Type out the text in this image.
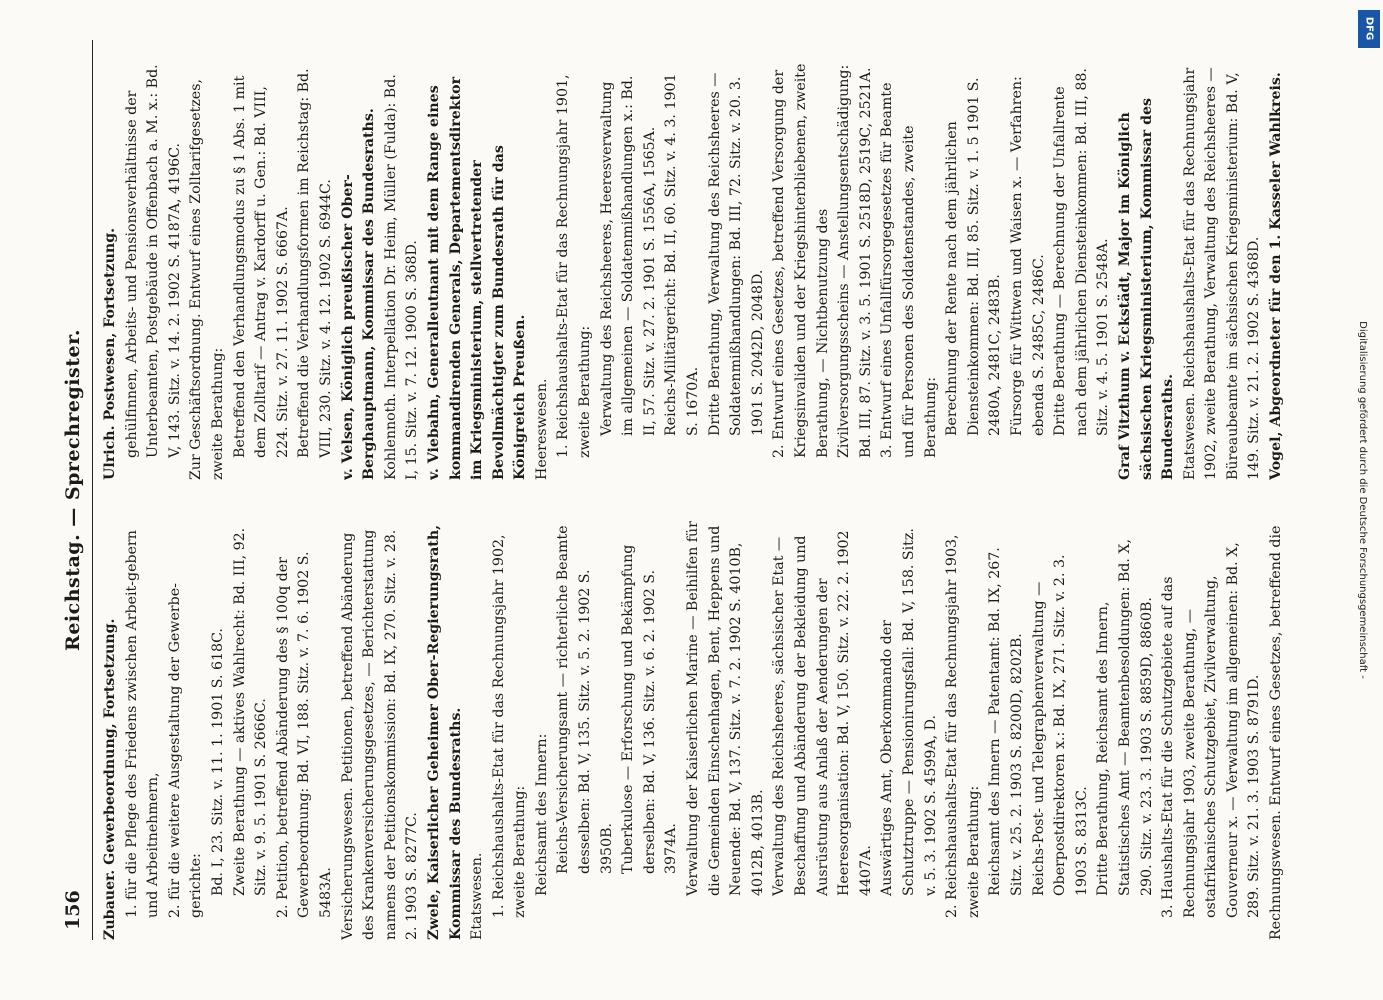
156
Reichstag. — Sprechregister.

Zubauer. Gewerbeordnung, Fortsetzung. 1. für die Pflege des Friedens zwischen Arbeit-gebern und Arbeitnehmern, 2. für die weitere Ausgestaltung der Gewerbe-gerichte: Bd. I, 23. Sitz. v. 11. 1. 1901 S. 618C. Zweite Berathung — aktives Wahlrecht: Bd. III, 92. Sitz. v. 9. 5. 1901 S. 2666C. 2. Petition, betreffend Abänderung des § 100q der Gewerbeordnung: Bd. VI, 188. Sitz. v. 7. 6. 1902 S. 5483A. Versicherungswesen. Petitionen, betreffend Abänderung des Krankenversicherungsgesetzes, — Berichterstattung namens der Petitionskommission: Bd. IX, 270. Sitz. v. 28. 2. 1903 S. 8277C. Zwele, Kaiserlicher Geheimer Ober-Regierungsrath, Kommissar des Bundesraths. Etatswesen. 1. Reichshaushalts-Etat für das Rechnungsjahr 1902, zweite Berathung: Reichsamt des Innern: Reichs-Versicherungsamt — richterliche Beamte desselben: Bd. V, 135. Sitz. v. 5. 2. 1902 S. 3950B. Tuberkulose — Erforschung und Bekämpfung derselben: Bd. V, 136. Sitz. v. 6. 2. 1902 S. 3974A. Verwaltung der Kaiserlichen Marine — Beihilfen für die Gemeinden Einschenhagen, Bent, Heppens und Neuende: Bd. V, 137. Sitz. v. 7. 2. 1902 S. 4010B, 4012B, 4013B. Verwaltung des Reichsheeres, sächsischer Etat — Beschaffung und Abänderung der Bekleidung und Ausrüstung aus Anlaß der Aenderungen der Heeresorganisation: Bd. V, 150. Sitz. v. 22. 2. 1902 4407A. Auswärtiges Amt, Oberkommando der Schutztruppe — Pensionirungsfall: Bd. V, 158. Sitz. v. 5. 3. 1902 S. 4599A, D. 2. Reichshaushalts-Etat für das Rechnungsjahr 1903, zweite Berathung: Reichsamt des Innern — Patentamt: Bd. IX, 267. Sitz. v. 25. 2. 1903 S. 8200D, 8202B. Reichs-Post- und Telegraphenverwaltung — Oberpostdirektoren x.: Bd. IX, 271. Sitz. v. 2. 3. 1903 S. 8313C. Dritte Berathung, Reichsamt des Innern, Statistisches Amt — Beamtenbesoldungen: Bd. X, 290. Sitz. v. 23. 3. 1903 S. 8859D, 8860B. 3. Haushalts-Etat für die Schutzgebiete auf das Rechnungsjahr 1903, zweite Berathung, — ostafrikanisches Schutzgebiet, Zivilverwaltung, Gouverneur x. — Verwaltung im allgemeinen: Bd. X, 289. Sitz. v. 21. 3. 1903 S. 8791D. Rechnungswesen. Entwurf eines Gesetzes, betreffend die

Ulrich. Postwesen, Fortsetzung. gehülfinnen, Arbeits- und Pensionsverhältnisse der Unterbeamten, Postgebäude in Offenbach a. M. x.: Bd. V, 143. Sitz. v. 14. 2. 1902 S. 4187A, 4196C. Zur Geschäftsordnung. Entwurf eines Zolltarifgesetzes, zweite Berathung: Betreffend den Verhandlungsmodus zu § 1 Abs. 1 mit dem Zolltarif — Antrag v. Kardorff u. Gen.: Bd. VIII, 224. Sitz. v. 27. 11. 1902 S. 6667A. Betreffend die Verhandlungsformen im Reichstag: Bd. VIII, 230. Sitz. v. 4. 12. 1902 S. 6944C. v. Velsen, Königlich preußischer Ober-Berghauptmann, Kommissar des Bundesraths. Kohlennoth. Interpellation Dr. Heim, Müller (Fulda): Bd. I, 15. Sitz. v. 7. 12. 1900 S. 368D. v. Viebahn, Generalleutnant mit dem Range eines kommandirenden Generals, Departementsdirektor im Kriegsministerium, stellvertretender Bevollmächtigter zum Bundesrath für das Königreich Preußen. Heereswesen. 1. Reichshaushalts-Etat für das Rechnungsjahr 1901, zweite Berathung: Verwaltung des Reichsheeres, Heeresverwaltung im allgemeinen — Soldatenmißhandlungen x.: Bd. II, 57. Sitz. v. 27. 2. 1901 S. 1556A, 1565A. Reichs-Militärgericht: Bd. II, 60. Sitz. v. 4. 3. 1901 S. 1670A. Dritte Berathung, Verwaltung des Reichsheeres — Soldatenmißhandlungen: Bd. III, 72. Sitz. v. 20. 3. 1901 S. 2042D, 2048D. 2. Entwurf eines Gesetzes, betreffend Versorgung der Kriegsinvaliden und der Kriegshinterbliebenen, zweite Berathung, — Nichtbenutzung des Zivilversorgungsscheins — Anstellungsentschädigung: Bd. III, 87. Sitz. v. 3. 5. 1901 S. 2518D, 2519C, 2521A. 3. Entwurf eines Unfallfürsorgegesetzes für Beamte und für Personen des Soldatenstandes, zweite Berathung: Berechnung der Rente nach dem jährlichen Diensteinkommen: Bd. III, 85. Sitz. v. 1. 5 1901 S. 2480A, 2481C, 2483B. Fürsorge für Wittwen und Waisen x. — Verfahren: ebenda S. 2485C, 2486C. Dritte Berathung — Berechnung der Unfallrente nach dem jährlichen Diensteinkommen: Bd. III, 88. Sitz. v. 4. 5. 1901 S. 2548A. Graf Vitzthum v. Eckstädt, Major im Königlich sächsischen Kriegsministerium, Kommissar des Bundesraths. Etatswesen. Reichshaushalts-Etat für das Rechnungsjahr 1902, zweite Berathung, Verwaltung des Reichsheeres — Büreaubeamte im sächsischen Kriegsministerium: Bd. V, 149. Sitz. v. 21. 2. 1902 S. 4368D. Vogel, Abgeordneter für den 1. Kasseler Wahlkreis.

Digitalisierung gefördert durch die Deutsche Forschungsgemeinschaft -
DFG
